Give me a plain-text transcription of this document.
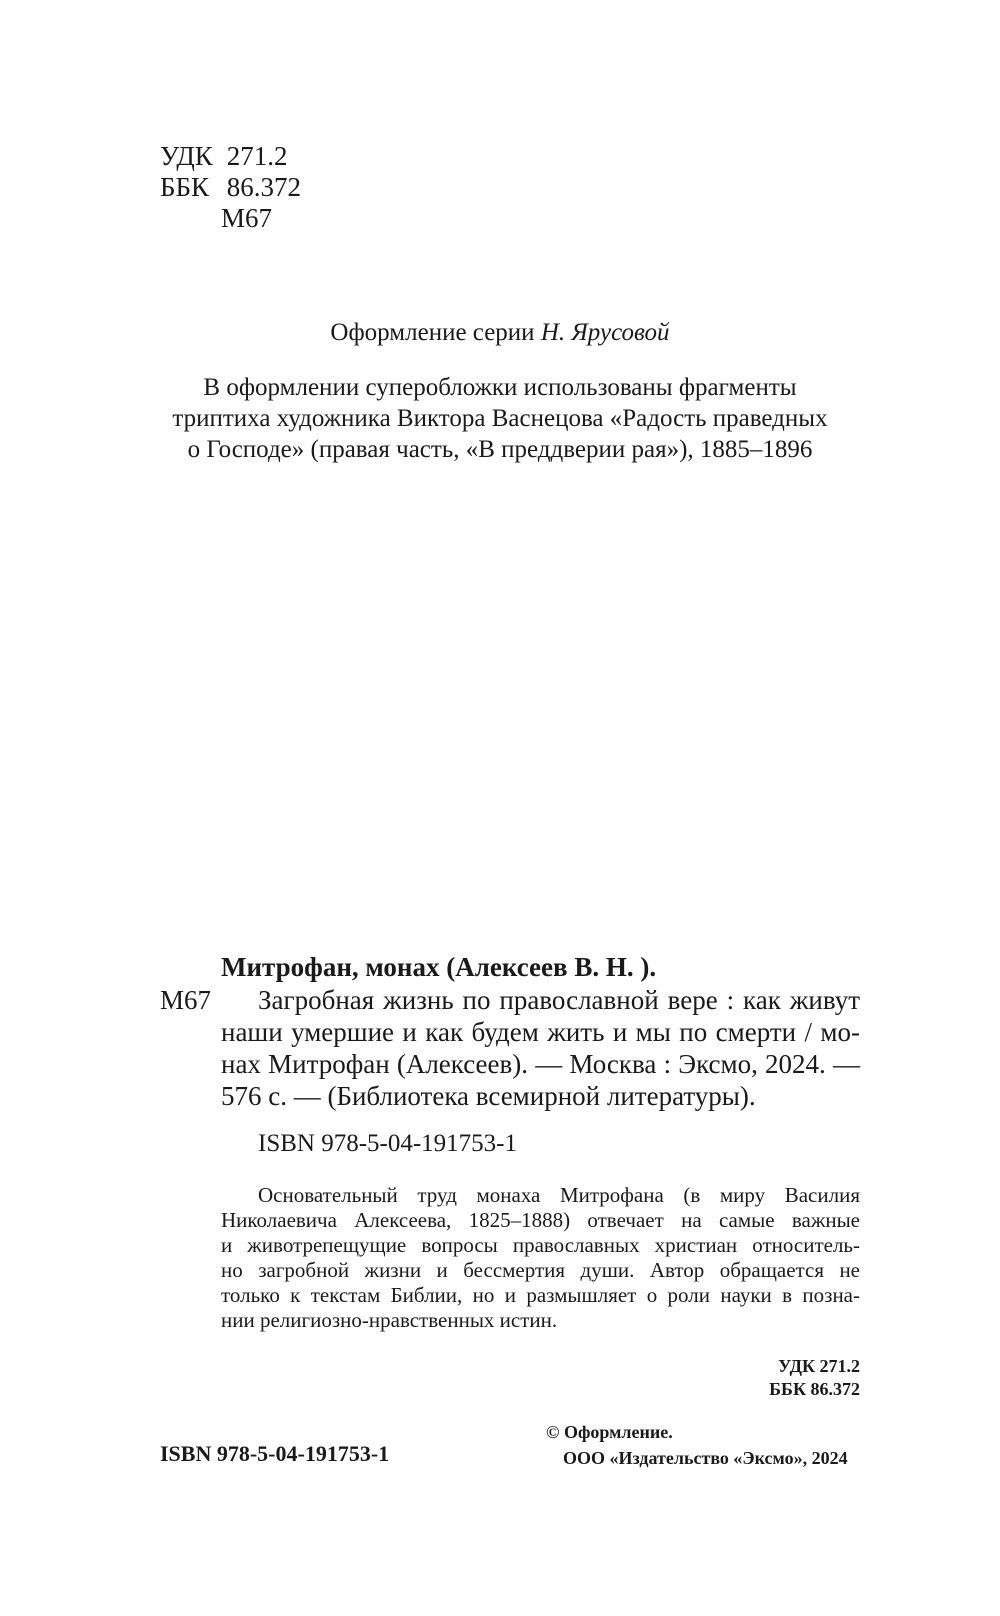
УДК 271.2
ББК 86.372
М67
Оформление серии Н. Ярусовой
В оформлении суперобложки использованы фрагменты
триптиха художника Виктора Васнецова «Радость праведных
о Господе» (правая часть, «В преддверии рая»), 1885–1896
Митрофан, монах (Алексеев В. Н. ).
М67 Загробная жизнь по православной вере : как живут
наши умершие и как будем жить и мы по смерти / мо-
нах Митрофан (Алексеев). — Москва : Эксмо, 2024. —
576 с. — (Библиотека всемирной литературы).
ISBN 978-5-04-191753-1
Основательный труд монаха Митрофана (в миру Василия
Николаевича Алексеева, 1825–1888) отвечает на самые важные
и животрепещущие вопросы православных христиан относитель-
но загробной жизни и бессмертия души. Автор обращается не
только к текстам Библии, но и размышляет о роли науки в позна-
нии религиозно-нравственных истин.
УДК 271.2
ББК 86.372
ISBN 978-5-04-191753-1
© Оформление.
ООО «Издательство «Эксмо», 2024
